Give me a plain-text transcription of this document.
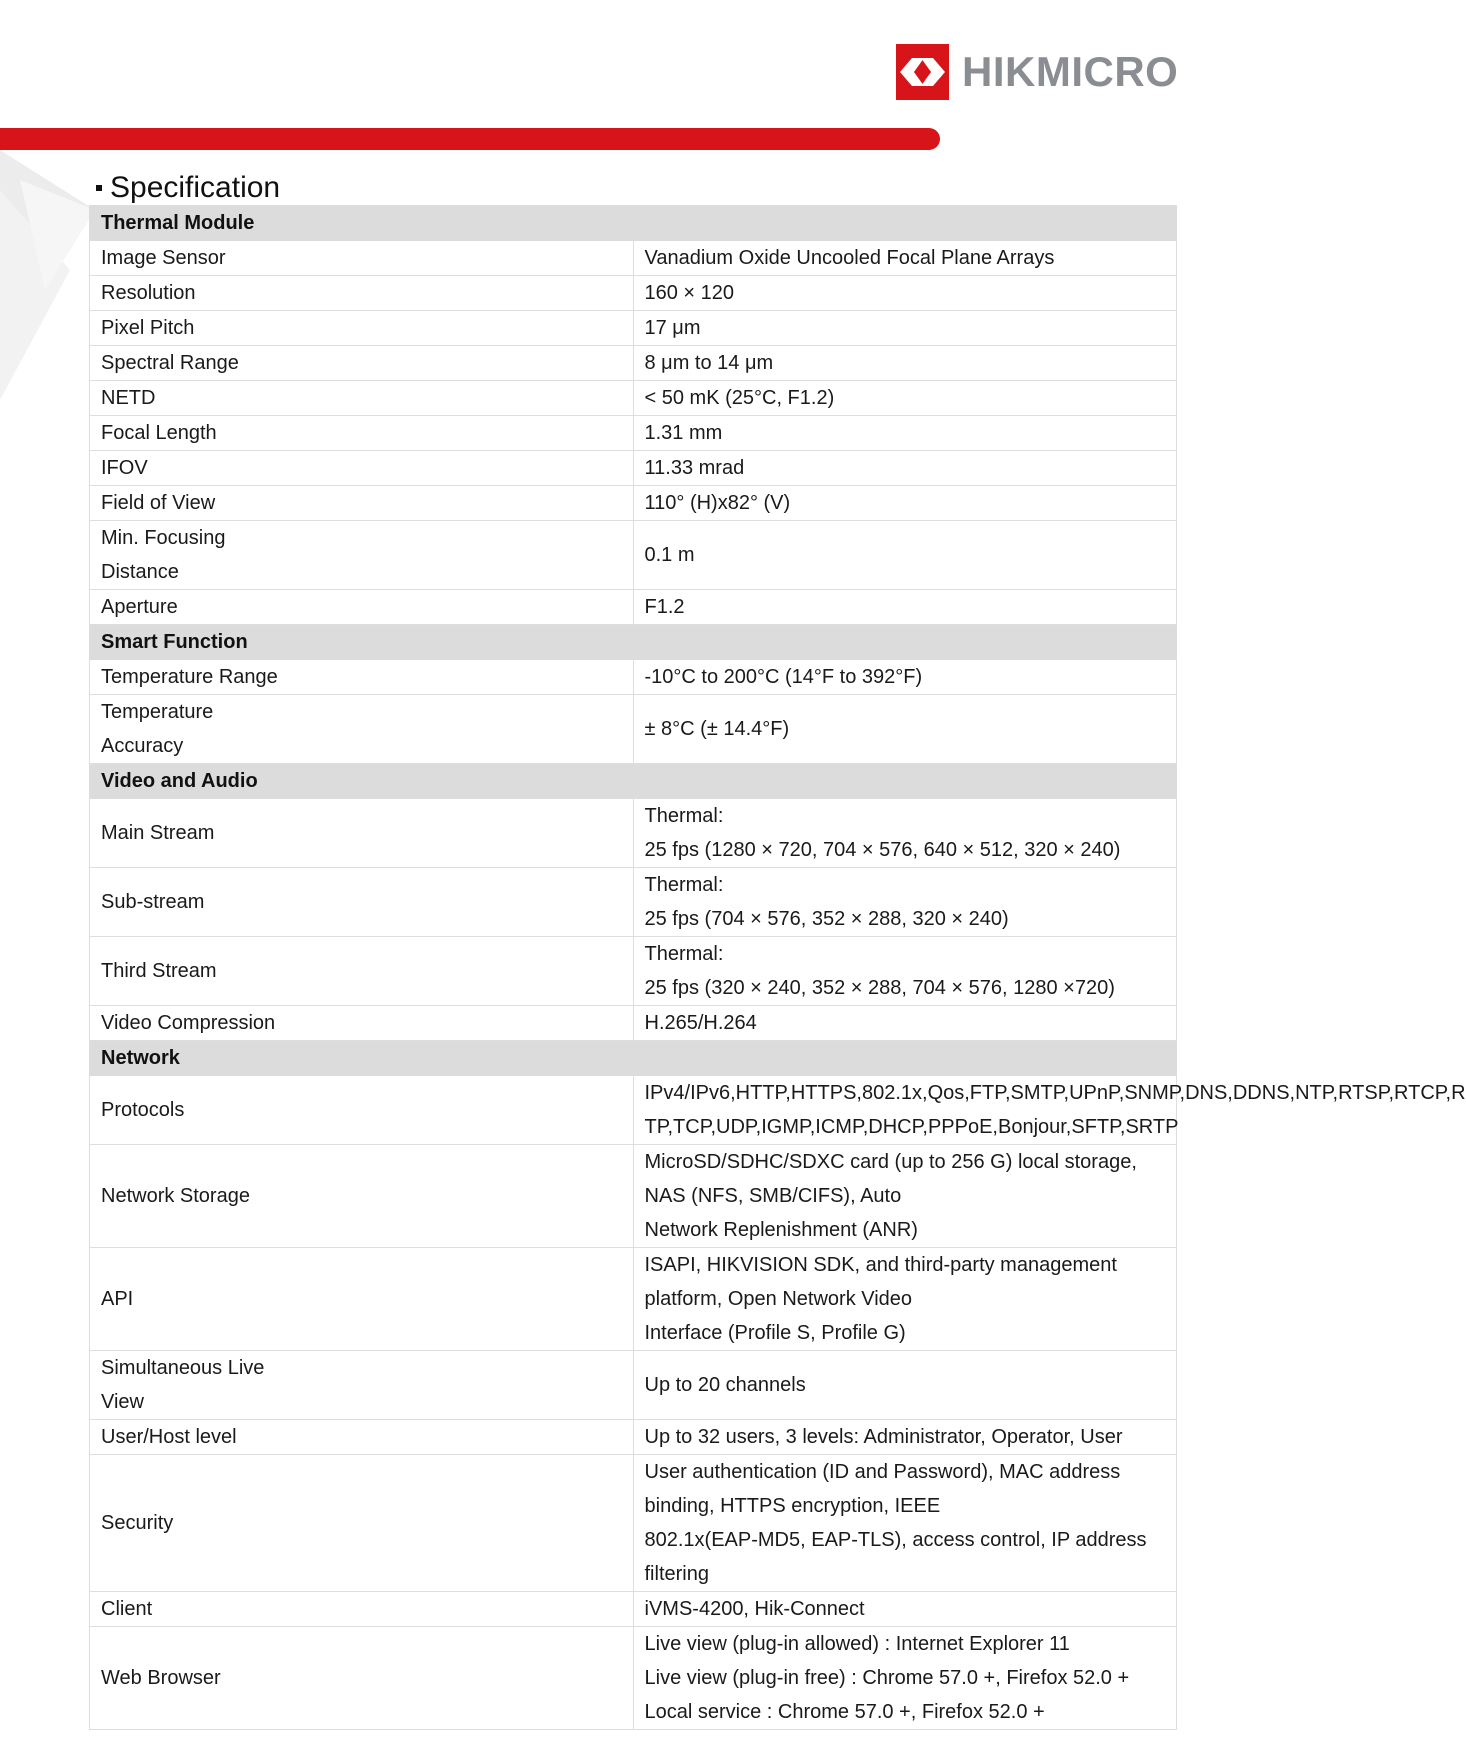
HIKMICRO
Specification
Thermal Module	

Image Sensor	Vanadium Oxide Uncooled Focal Plane Arrays

Resolution	160 × 120

Pixel Pitch	17 μm

Spectral Range	8 μm to 14 μm

NETD	< 50 mK (25°C, F1.2)

Focal Length	1.31 mm

IFOV	11.33 mrad

Field of View	110° (H)x82° (V)

Min. Focusing
Distance	0.1 m

Aperture	F1.2

Smart Function	

Temperature Range	-10°C to 200°C (14°F to 392°F)

Temperature
Accuracy	± 8°C (± 14.4°F)

Video and Audio	

Main Stream	Thermal:
25 fps (1280 × 720, 704 × 576, 640 × 512, 320 × 240)

Sub-stream	Thermal:
25 fps (704 × 576, 352 × 288, 320 × 240)

Third Stream	Thermal:
25 fps (320 × 240, 352 × 288, 704 × 576, 1280 ×720)

Video Compression	H.265/H.264

Network	

Protocols	IPv4/IPv6,HTTP,HTTPS,802.1x,Qos,FTP,SMTP,UPnP,SNMP,DNS,DDNS,NTP,RTSP,RTCP,R
TP,TCP,UDP,IGMP,ICMP,DHCP,PPPoE,Bonjour,SFTP,SRTP

Network Storage	MicroSD/SDHC/SDXC card (up to 256 G) local storage, NAS (NFS, SMB/CIFS), Auto
Network Replenishment (ANR)

API	ISAPI, HIKVISION SDK, and third-party management platform, Open Network Video
Interface (Profile S, Profile G)

Simultaneous Live
View	Up to 20 channels

User/Host level	Up to 32 users, 3 levels: Administrator, Operator, User

Security	User authentication (ID and Password), MAC address binding, HTTPS encryption, IEEE
802.1x(EAP-MD5, EAP-TLS), access control, IP address filtering

Client	iVMS-4200, Hik-Connect

Web Browser	Live view (plug-in allowed) : Internet Explorer 11
Live view (plug-in free) : Chrome 57.0 +, Firefox 52.0 +
Local service : Chrome 57.0 +, Firefox 52.0 +
